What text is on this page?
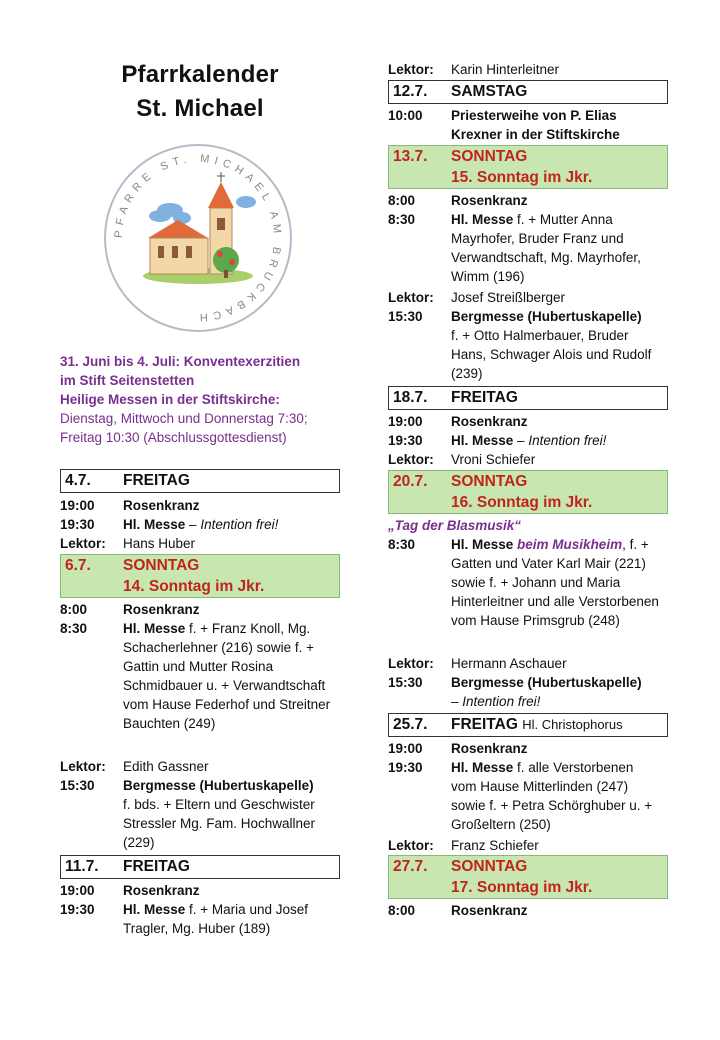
Pfarrkalender
St. Michael
PFARRE ST. MICHAEL AM BRUCKBACH
31. Juni bis 4. Juli: Konventexerzitien
im Stift Seitenstetten
Heilige Messen in der Stiftskirche:
Dienstag, Mittwoch und Donnerstag 7:30;
Freitag 10:30 (Abschlussgottesdienst)
4.7. FREITAG
19:00	Rosenkranz
19:30	Hl. Messe – Intention frei!
Lektor:	Hans Huber
6.7. SONNTAG
14. Sonntag im Jkr.
8:00	Rosenkranz
8:30	Hl. Messe f. + Franz Knoll, Mg. Schacherlehner (216) sowie f. + Gattin und Mutter Rosina Schmidbauer u. + Verwandtschaft vom Hause Federhof und Streitner Bauchten (249)
Lektor:	Edith Gassner
15:30	Bergmesse (Hubertuskapelle)
f. bds. + Eltern und Geschwister Stressler Mg. Fam. Hochwallner (229)
11.7. FREITAG
19:00	Rosenkranz
19:30	Hl. Messe f. + Maria und Josef
Tragler, Mg. Huber (189)
Lektor:	Karin Hinterleitner
12.7. SAMSTAG
10:00	Priesterweihe von P. Elias Krexner in der Stiftskirche
13.7. SONNTAG
15. Sonntag im Jkr.
8:00	Rosenkranz
8:30	Hl. Messe f. + Mutter Anna Mayrhofer, Bruder Franz und Verwandtschaft, Mg. Mayrhofer, Wimm (196)
Lektor:	Josef Streißlberger
15:30	Bergmesse (Hubertuskapelle)
f. + Otto Halmerbauer, Bruder Hans, Schwager Alois und Rudolf (239)
18.7. FREITAG
19:00	Rosenkranz
19:30	Hl. Messe – Intention frei!
Lektor:	Vroni Schiefer
20.7. SONNTAG
16. Sonntag im Jkr.
„Tag der Blasmusik“
8:30	Hl. Messe beim Musikheim, f. + Gatten und Vater Karl Mair (221) sowie f. + Johann und Maria Hinterleitner und alle Verstorbenen vom Hause Primsgrub (248)
Lektor:	Hermann Aschauer
15:30	Bergmesse (Hubertuskapelle)
– Intention frei!
25.7. FREITAG Hl. Christophorus
19:00	Rosenkranz
19:30	Hl. Messe f. alle Verstorbenen vom Hause Mitterlinden (247) sowie f. + Petra Schörghuber u. + Großeltern (250)
Lektor:	Franz Schiefer
27.7. SONNTAG
17. Sonntag im Jkr.
8:00	Rosenkranz
